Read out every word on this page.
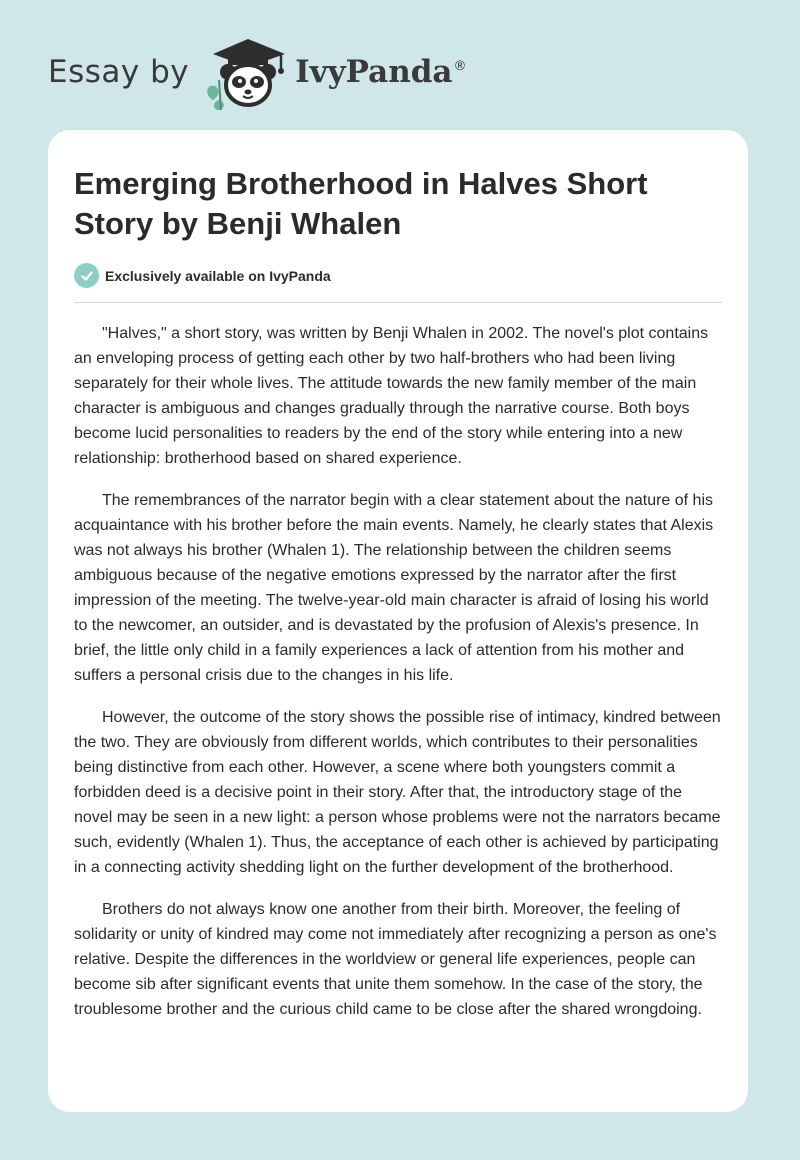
Essay by	IvyPanda ®
Emerging Brotherhood in Halves Short Story by Benji Whalen
Exclusively available on IvyPanda

"Halves," a short story, was written by Benji Whalen in 2002. The novel's plot contains an enveloping process of getting each other by two half-brothers who had been living separately for their whole lives. The attitude towards the new family member of the main character is ambiguous and changes gradually through the narrative course. Both boys become lucid personalities to readers by the end of the story while entering into a new relationship: brotherhood based on shared experience.

The remembrances of the narrator begin with a clear statement about the nature of his acquaintance with his brother before the main events. Namely, he clearly states that Alexis was not always his brother (Whalen 1). The relationship between the children seems ambiguous because of the negative emotions expressed by the narrator after the first impression of the meeting. The twelve-year-old main character is afraid of losing his world to the newcomer, an outsider, and is devastated by the profusion of Alexis's presence. In brief, the little only child in a family experiences a lack of attention from his mother and suffers a personal crisis due to the changes in his life.

However, the outcome of the story shows the possible rise of intimacy, kindred between the two. They are obviously from different worlds, which contributes to their personalities being distinctive from each other. However, a scene where both youngsters commit a forbidden deed is a decisive point in their story. After that, the introductory stage of the novel may be seen in a new light: a person whose problems were not the narrators became such, evidently (Whalen 1). Thus, the acceptance of each other is achieved by participating in a connecting activity shedding light on the further development of the brotherhood.

Brothers do not always know one another from their birth. Moreover, the feeling of solidarity or unity of kindred may come not immediately after recognizing a person as one's relative. Despite the differences in the worldview or general life experiences, people can become sib after significant events that unite them somehow. In the case of the story, the troublesome brother and the curious child came to be close after the shared wrongdoing.
